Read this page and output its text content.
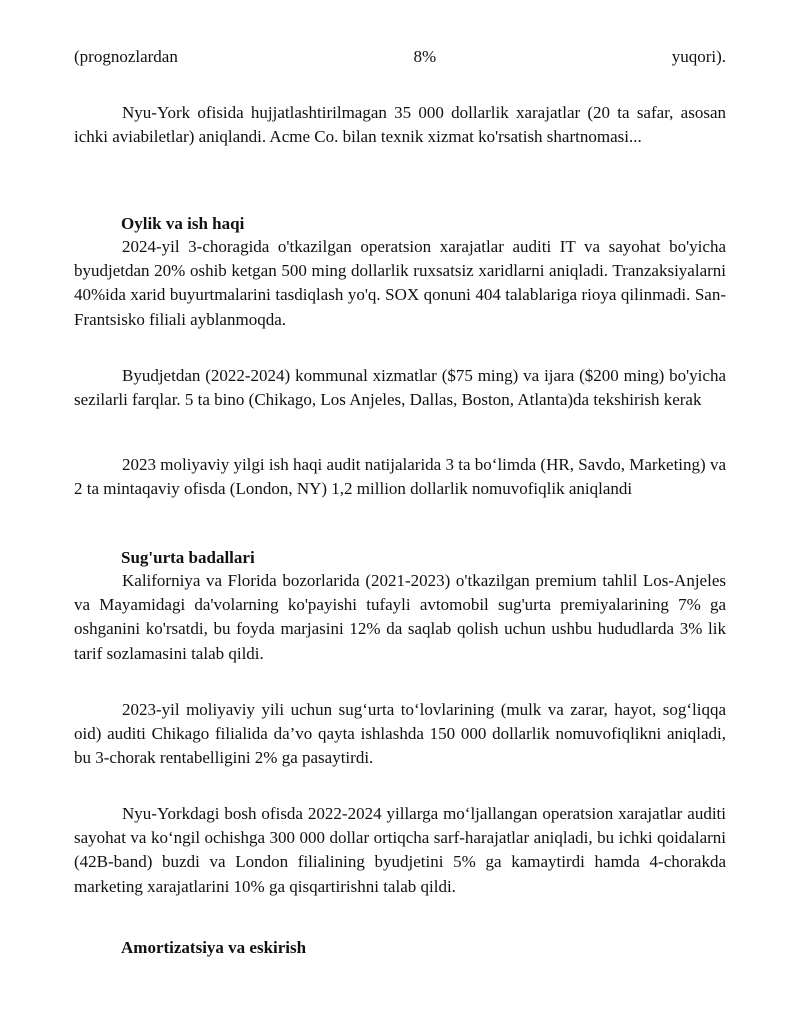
(prognozlardan	8%	yuqori).

Nyu-York ofisida hujjatlashtirilmagan 35 000 dollarlik xarajatlar (20 ta safar, asosan ichki aviabiletlar) aniqlandi. Acme Co. bilan texnik xizmat ko'rsatish shartnomasi...

Oylik va ish haqi

2024-yil 3-choragida o'tkazilgan operatsion xarajatlar auditi IT va sayohat bo'yicha byudjetdan 20% oshib ketgan 500 ming dollarlik ruxsatsiz xaridlarni aniqladi. Tranzaksiyalarni 40%ida xarid buyurtmalarini tasdiqlash yo'q. SOX qonuni 404 talablariga rioya qilinmadi. San-Frantsisko filiali ayblanmoqda.

Byudjetdan (2022-2024) kommunal xizmatlar ($75 ming) va ijara ($200 ming) bo'yicha sezilarli farqlar. 5 ta bino (Chikago, Los Anjeles, Dallas, Boston, Atlanta)da tekshirish kerak

2023 moliyaviy yilgi ish haqi audit natijalarida 3 ta bo‘limda (HR, Savdo, Marketing) va 2 ta mintaqaviy ofisda (London, NY) 1,2 million dollarlik nomuvofiqlik aniqlandi

Sug'urta badallari

Kaliforniya va Florida bozorlarida (2021-2023) o'tkazilgan premium tahlil Los-Anjeles va Mayamidagi da'volarning ko'payishi tufayli avtomobil sug'urta premiyalarining 7% ga oshganini ko'rsatdi, bu foyda marjasini 12% da saqlab qolish uchun ushbu hududlarda 3% lik tarif sozlamasini talab qildi.

2023-yil moliyaviy yili uchun sug‘urta to‘lovlarining (mulk va zarar, hayot, sog‘liqqa oid) auditi Chikago filialida da’vo qayta ishlashda 150 000 dollarlik nomuvofiqlikni aniqladi, bu 3-chorak rentabelligini 2% ga pasaytirdi.

Nyu-Yorkdagi bosh ofisda 2022-2024 yillarga mo‘ljallangan operatsion xarajatlar auditi sayohat va ko‘ngil ochishga 300 000 dollar ortiqcha sarf-harajatlar aniqladi, bu ichki qoidalarni (42B-band) buzdi va London filialining byudjetini 5% ga kamaytirdi hamda 4-chorakda marketing xarajatlarini 10% ga qisqartirishni talab qildi.

Amortizatsiya va eskirish
